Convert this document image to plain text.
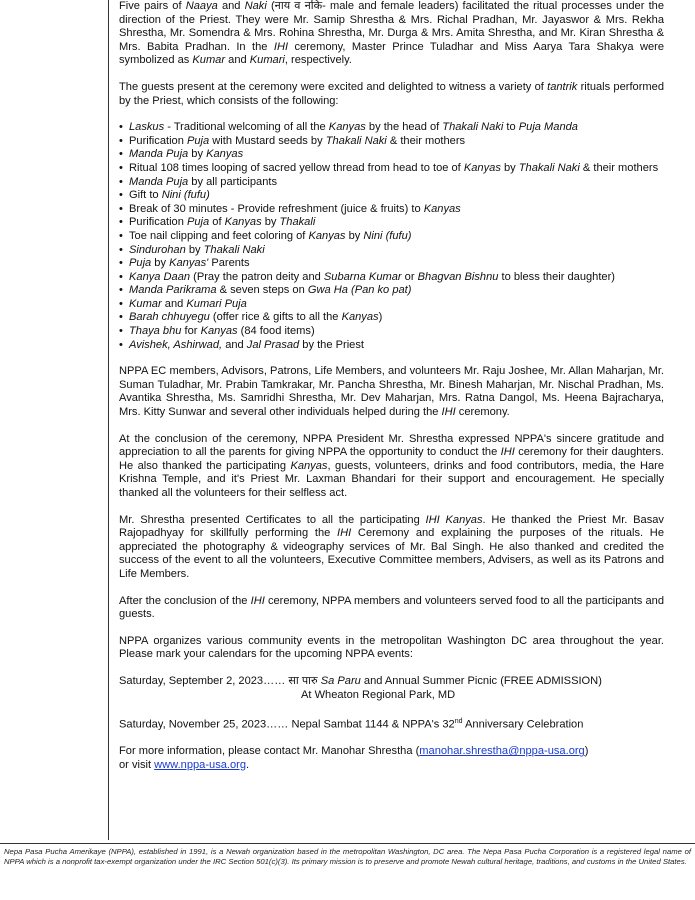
Five pairs of Naaya and Naki (नाय व नकि- male and female leaders) facilitated the ritual processes under the direction of the Priest. They were Mr. Samip Shrestha & Mrs. Richal Pradhan, Mr. Jayaswor & Mrs. Rekha Shrestha, Mr. Somendra & Mrs. Rohina Shrestha, Mr. Durga & Mrs. Amita Shrestha, and Mr. Kiran Shrestha & Mrs. Babita Pradhan. In the IHI ceremony, Master Prince Tuladhar and Miss Aarya Tara Shakya were symbolized as Kumar and Kumari, respectively.

The guests present at the ceremony were excited and delighted to witness a variety of tantrik rituals performed by the Priest, which consists of the following:

• Laskus - Traditional welcoming of all the Kanyas by the head of Thakali Naki to Puja Manda
• Purification Puja with Mustard seeds by Thakali Naki & their mothers
• Manda Puja by Kanyas
• Ritual 108 times looping of sacred yellow thread from head to toe of Kanyas by Thakali Naki & their mothers
• Manda Puja by all participants
• Gift to Nini (fufu)
• Break of 30 minutes - Provide refreshment (juice & fruits) to Kanyas
• Purification Puja of Kanyas by Thakali
• Toe nail clipping and feet coloring of Kanyas by Nini (fufu)
• Sindurohan by Thakali Naki
• Puja by Kanyas' Parents
• Kanya Daan (Pray the patron deity and Subarna Kumar or Bhagvan Bishnu to bless their daughter)
• Manda Parikrama & seven steps on Gwa Ha (Pan ko pat)
• Kumar and Kumari Puja
• Barah chhuyegu (offer rice & gifts to all the Kanyas)
• Thaya bhu for Kanyas (84 food items)
• Avishek, Ashirwad, and Jal Prasad by the Priest

NPPA EC members, Advisors, Patrons, Life Members, and volunteers Mr. Raju Joshee, Mr. Allan Maharjan, Mr. Suman Tuladhar, Mr. Prabin Tamkrakar, Mr. Pancha Shrestha, Mr. Binesh Maharjan, Mr. Nischal Pradhan, Ms. Avantika Shrestha, Ms. Samridhi Shrestha, Mr. Dev Maharjan, Mrs. Ratna Dangol, Ms. Heena Bajracharya, Mrs. Kitty Sunwar and several other individuals helped during the IHI ceremony.

At the conclusion of the ceremony, NPPA President Mr. Shrestha expressed NPPA's sincere gratitude and appreciation to all the parents for giving NPPA the opportunity to conduct the IHI ceremony for their daughters. He also thanked the participating Kanyas, guests, volunteers, drinks and food contributors, media, the Hare Krishna Temple, and it's Priest Mr. Laxman Bhandari for their support and encouragement. He specially thanked all the volunteers for their selfless act.

Mr. Shrestha presented Certificates to all the participating IHI Kanyas. He thanked the Priest Mr. Basav Rajopadhyay for skillfully performing the IHI Ceremony and explaining the purposes of the rituals. He appreciated the photography & videography services of Mr. Bal Singh. He also thanked and credited the success of the event to all the volunteers, Executive Committee members, Advisers, as well as its Patrons and Life Members.

After the conclusion of the IHI ceremony, NPPA members and volunteers served food to all the participants and guests.

NPPA organizes various community events in the metropolitan Washington DC area throughout the year. Please mark your calendars for the upcoming NPPA events:

Saturday, September 2, 2023…… सा पारु Sa Paru and Annual Summer Picnic (FREE ADMISSION)
At Wheaton Regional Park, MD
Saturday, November 25, 2023…… Nepal Sambat 1144 & NPPA's 32nd Anniversary Celebration
For more information, please contact Mr. Manohar Shrestha (manohar.shrestha@nppa-usa.org)
or visit www.nppa-usa.org.
Nepa Pasa Pucha Amerikaye (NPPA), established in 1991, is a Newah organization based in the metropolitan Washington, DC area. The Nepa Pasa Pucha Corporation is a registered legal name of NPPA which is a nonprofit tax-exempt organization under the IRC Section 501(c)(3). Its primary mission is to preserve and promote Newah cultural heritage, traditions, and customs in the United States.
